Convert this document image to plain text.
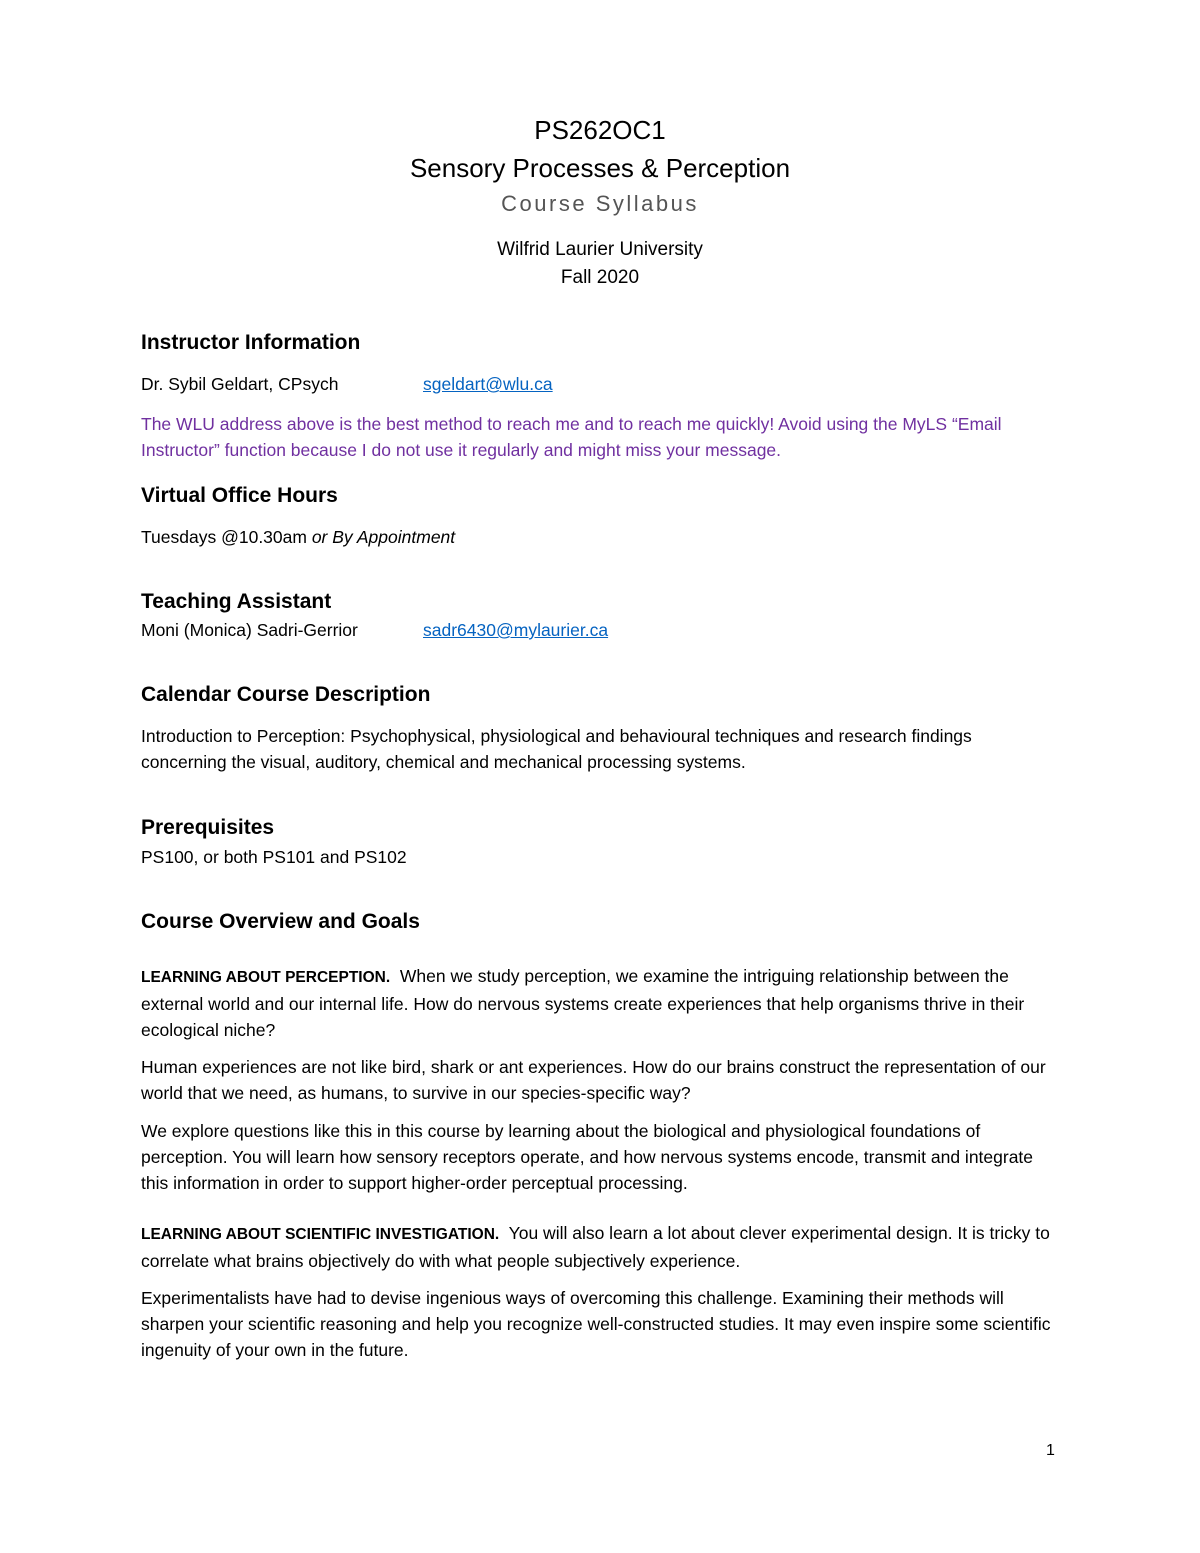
PS262OC1
Sensory Processes & Perception
Course Syllabus
Wilfrid Laurier University
Fall 2020
Instructor Information
Dr. Sybil Geldart, CPsych	sgeldart@wlu.ca
The WLU address above is the best method to reach me and to reach me quickly! Avoid using the MyLS “Email Instructor” function because I do not use it regularly and might miss your message.
Virtual Office Hours
Tuesdays @10.30am or By Appointment
Teaching Assistant
Moni (Monica) Sadri-Gerrior	sadr6430@mylaurier.ca
Calendar Course Description
Introduction to Perception: Psychophysical, physiological and behavioural techniques and research findings concerning the visual, auditory, chemical and mechanical processing systems.
Prerequisites
PS100, or both PS101 and PS102
Course Overview and Goals
LEARNING ABOUT PERCEPTION. When we study perception, we examine the intriguing relationship between the external world and our internal life. How do nervous systems create experiences that help organisms thrive in their ecological niche?
Human experiences are not like bird, shark or ant experiences. How do our brains construct the representation of our world that we need, as humans, to survive in our species-specific way?
We explore questions like this in this course by learning about the biological and physiological foundations of perception. You will learn how sensory receptors operate, and how nervous systems encode, transmit and integrate this information in order to support higher-order perceptual processing.
LEARNING ABOUT SCIENTIFIC INVESTIGATION. You will also learn a lot about clever experimental design. It is tricky to correlate what brains objectively do with what people subjectively experience.
Experimentalists have had to devise ingenious ways of overcoming this challenge. Examining their methods will sharpen your scientific reasoning and help you recognize well-constructed studies. It may even inspire some scientific ingenuity of your own in the future.
1
